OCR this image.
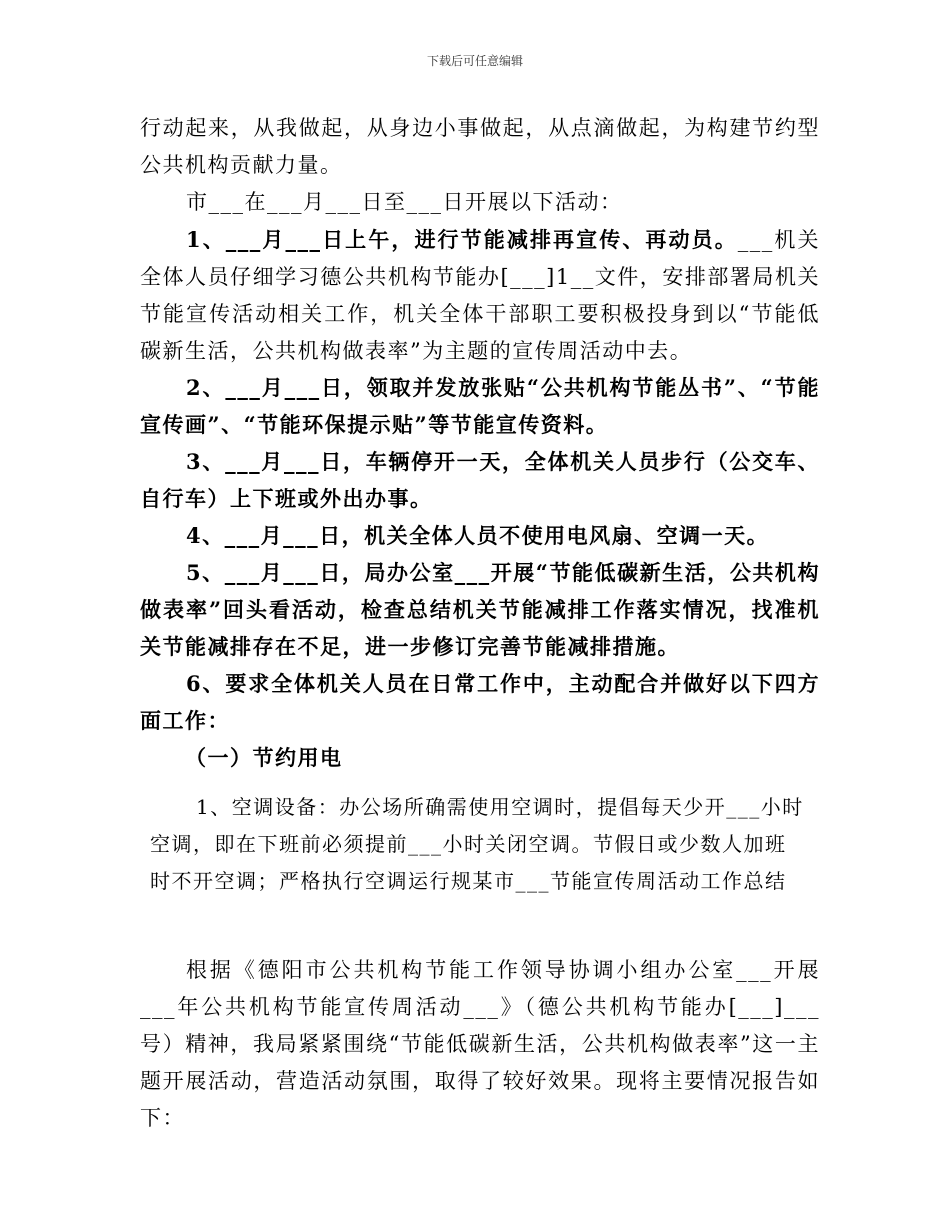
下载后可任意编辑
行动起来，从我做起，从身边小事做起，从点滴做起，为构建节约型公共机构贡献力量。
市___在___月___日至___日开展以下活动：
1、___月___日上午，进行节能减排再宣传、再动员。___机关全体人员仔细学习德公共机构节能办[___]1__文件，安排部署局机关节能宣传活动相关工作，机关全体干部职工要积极投身到以“节能低碳新生活，公共机构做表率”为主题的宣传周活动中去。
2、___月___日，领取并发放张贴“公共机构节能丛书”、“节能宣传画”、“节能环保提示贴”等节能宣传资料。
3、___月___日，车辆停开一天，全体机关人员步行（公交车、自行车）上下班或外出办事。
4、___月___日，机关全体人员不使用电风扇、空调一天。
5、___月___日，局办公室___开展“节能低碳新生活，公共机构做表率”回头看活动，检查总结机关节能减排工作落实情况，找准机关节能减排存在不足，进一步修订完善节能减排措施。
6、要求全体机关人员在日常工作中，主动配合并做好以下四方面工作：
（一）节约用电
1、空调设备：办公场所确需使用空调时，提倡每天少开___小时空调，即在下班前必须提前___小时关闭空调。节假日或少数人加班时不开空调；严格执行空调运行规某市___节能宣传周活动工作总结
根据《德阳市公共机构节能工作领导协调小组办公室___开展___年公共机构节能宣传周活动___》（德公共机构节能办[___]___号）精神，我局紧紧围绕“节能低碳新生活，公共机构做表率”这一主题开展活动，营造活动氛围，取得了较好效果。现将主要情况报告如下：
